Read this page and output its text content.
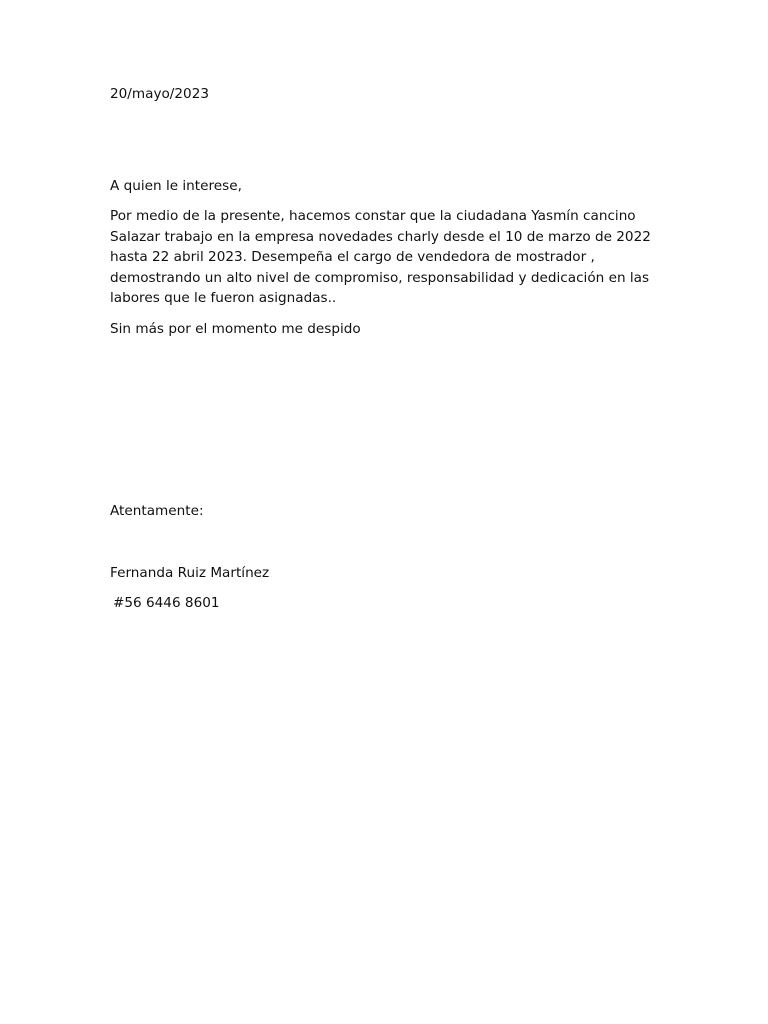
20/mayo/2023

A quien le interese,

Por medio de la presente, hacemos constar que la ciudadana Yasmín cancino
Salazar trabajo en la empresa novedades charly desde el 10 de marzo de 2022
hasta 22 abril 2023. Desempeña el cargo de vendedora de mostrador ,
demostrando un alto nivel de compromiso, responsabilidad y dedicación en las
labores que le fueron asignadas..

Sin más por el momento me despido

Atentamente:

Fernanda Ruiz Martínez

#56 6446 8601
